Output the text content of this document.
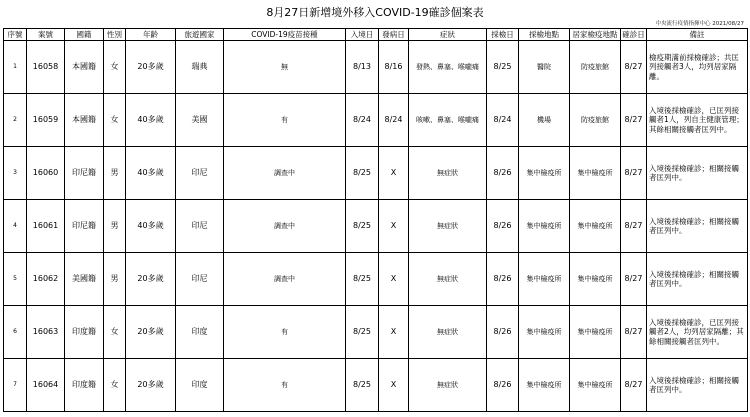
8月27日新增境外移入COVID-19確診個案表
中央流行疫情指揮中心 2021/08/27
序號	案號	國籍	性別	年齡	旅遊國家	COVID-19疫苗接種	入境日	發病日	症狀	採檢日	採檢地點	居家檢疫地點	確診日	備註
1	16058	本國籍	女	20多歲	瑞典	無	8/13	8/16	發熱、鼻塞、喉嚨痛	8/25	醫院	防疫旅館	8/27	檢疫期滿前採檢確診；共匡列接觸者3人，均列居家隔離。
2	16059	本國籍	女	40多歲	美國	有	8/24	8/24	咳嗽、鼻塞、喉嚨痛	8/24	機場	防疫旅館	8/27	入境後採檢確診，已匡列接觸者1人，列自主健康管理；其餘相關接觸者匡列中。
3	16060	印尼籍	男	40多歲	印尼	調查中	8/25	X	無症狀	8/26	集中檢疫所	集中檢疫所	8/27	入境後採檢確診；相關接觸者匡列中。
4	16061	印尼籍	男	40多歲	印尼	調查中	8/25	X	無症狀	8/26	集中檢疫所	集中檢疫所	8/27	入境後採檢確診；相關接觸者匡列中。
5	16062	美國籍	男	20多歲	印尼	調查中	8/25	X	無症狀	8/26	集中檢疫所	集中檢疫所	8/27	入境後採檢確診；相關接觸者匡列中。
6	16063	印度籍	女	20多歲	印度	有	8/25	X	無症狀	8/26	集中檢疫所	集中檢疫所	8/27	入境後採檢確診，已匡列接觸者2人，均列居家隔離；其餘相關接觸者匡列中。
7	16064	印度籍	女	20多歲	印度	有	8/25	X	無症狀	8/26	集中檢疫所	集中檢疫所	8/27	入境後採檢確診；相關接觸者匡列中。
